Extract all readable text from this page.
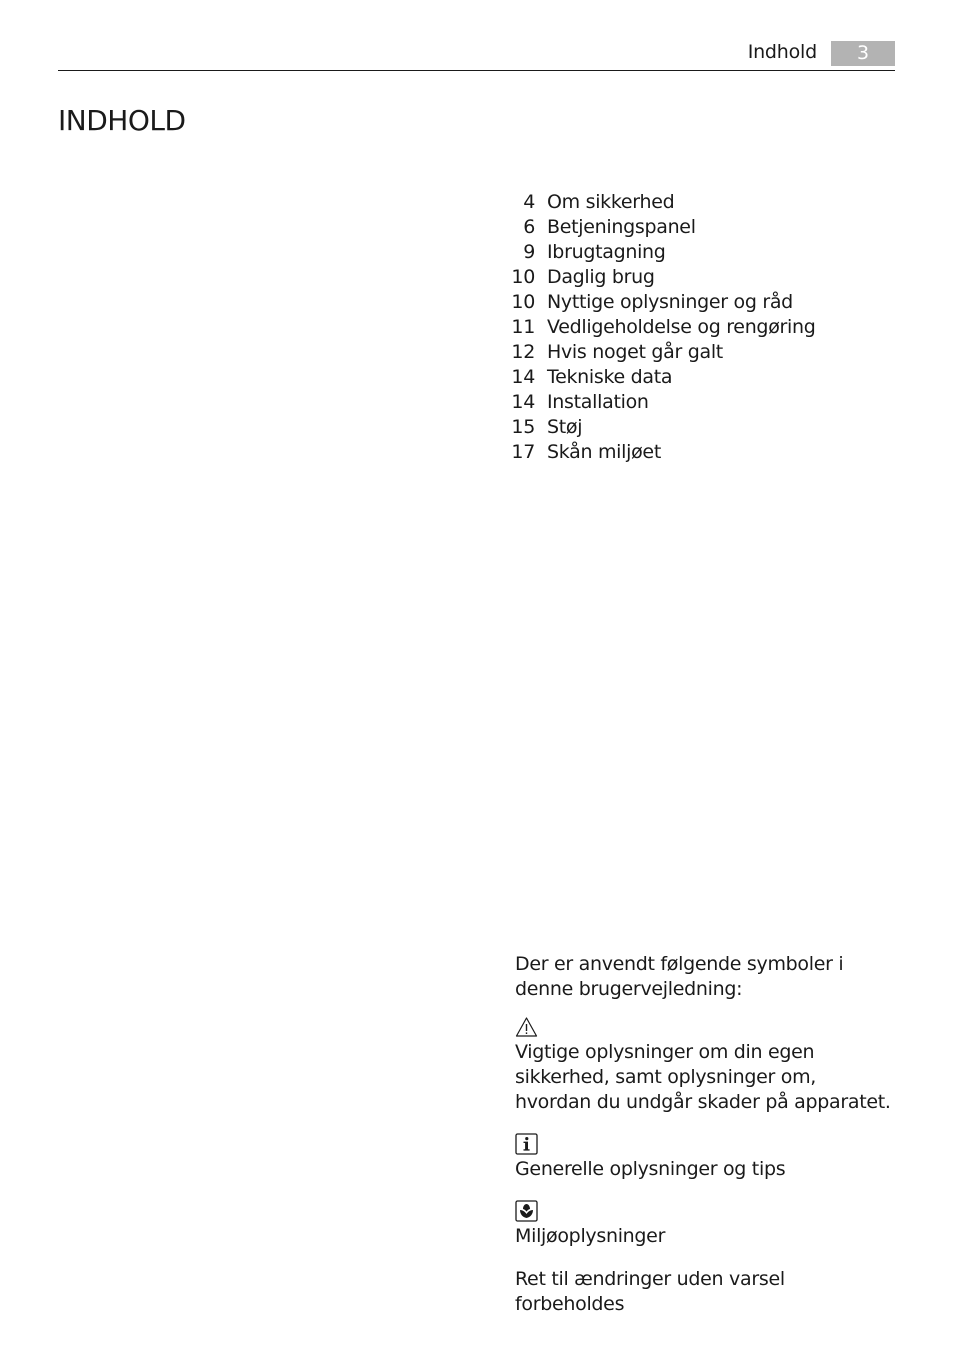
Indhold	3
INDHOLD
4 Om sikkerhed
6 Betjeningspanel
9 Ibrugtagning
10 Daglig brug
10 Nyttige oplysninger og råd
11 Vedligeholdelse og rengøring
12 Hvis noget går galt
14 Tekniske data
14 Installation
15 Støj
17 Skån miljøet

Der er anvendt følgende symboler i denne brugervejledning:

Vigtige oplysninger om din egen sikkerhed, samt oplysninger om, hvordan du undgår skader på apparatet.

Generelle oplysninger og tips

Miljøoplysninger

Ret til ændringer uden varsel forbeholdes
